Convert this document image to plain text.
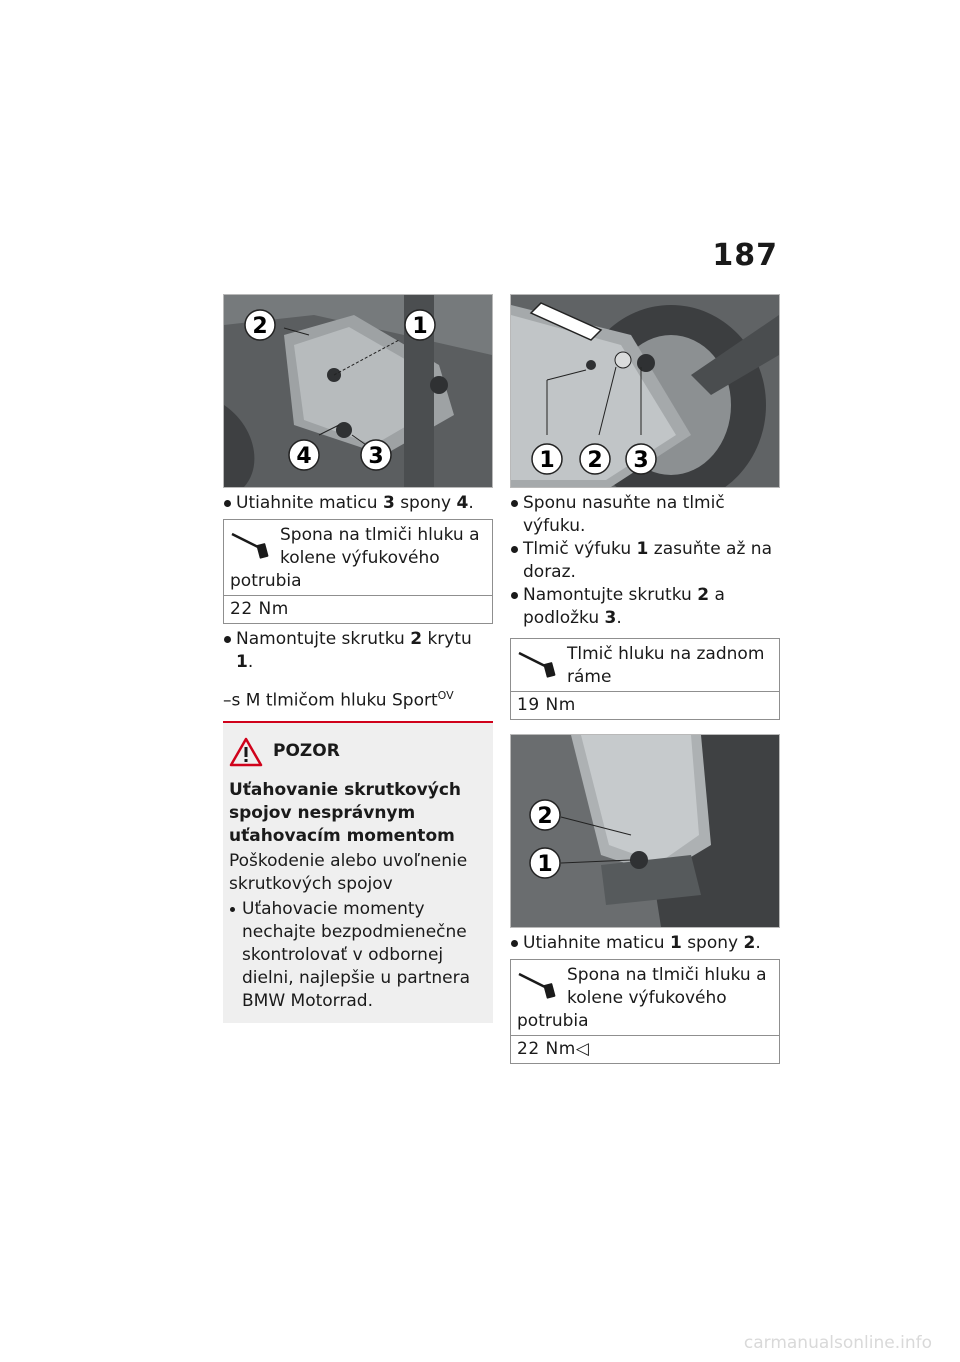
187
1
2
3
4

Utiahnite maticu 3 spony 4.

Spona na tlmiči hluku a kolene výfukového potrubia
22 Nm

Namontujte skrutku 2 krytu 1.

–s M tlmičom hluku Sport$^{OV}$
POZOR
Uťahovanie skrutkových spojov nesprávnym uťahovacím momentom
Poškodenie alebo uvoľnenie skrutkových spojov
Uťahovacie momenty nechajte bezpodmienečne skontrolovať v odbornej dielni, najlepšie u partnera BMW Motorrad.
1 2 3

Sponu nasuňte na tlmič výfuku.

Tlmič výfuku 1 zasuňte až na doraz.

Namontujte skrutku 2 a podložku 3.

Tlmič hluku na zadnom ráme
19 Nm
2
1

Utiahnite maticu 1 spony 2.

Spona na tlmiči hluku a kolene výfukového potrubia
22 Nm◁
carmanualsonline.info
